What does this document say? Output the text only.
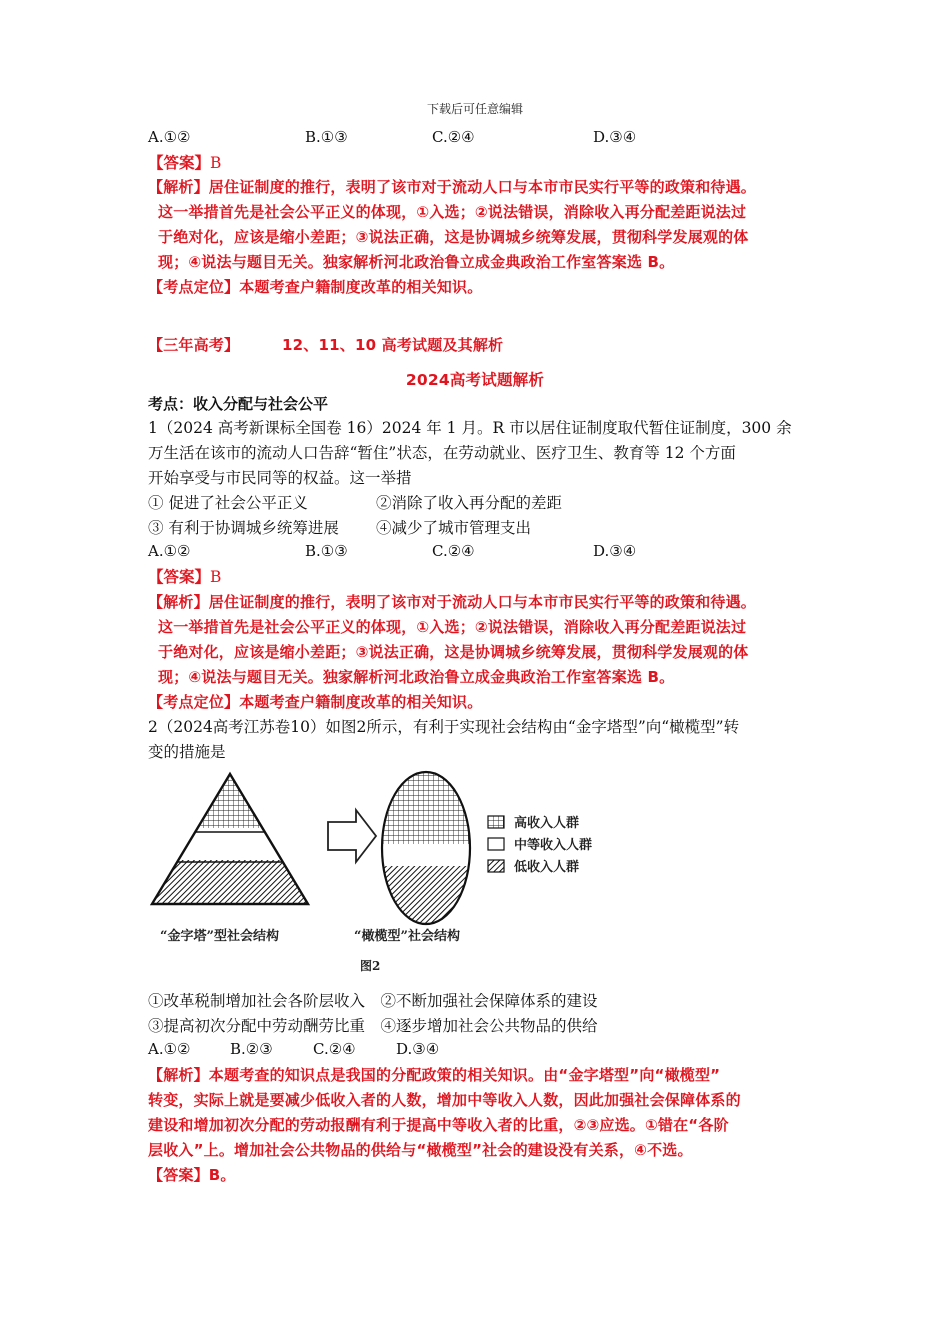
下载后可任意编辑
A.①②	B.①③	C.②④	D.③④
【答案】B
【解析】居住证制度的推行，表明了该市对于流动人口与本市市民实行平等的政策和待遇。
这一举措首先是社会公平正义的体现，①入选；②说法错误，消除收入再分配差距说法过
于绝对化，应该是缩小差距；③说法正确，这是协调城乡统筹发展，贯彻科学发展观的体
现；④说法与题目无关。独家解析河北政治鲁立成金典政治工作室答案选 B。
【考点定位】本题考查户籍制度改革的相关知识。
【三年高考】	12、11、10 高考试题及其解析
2024高考试题解析
考点：收入分配与社会公平
1（2024 高考新课标全国卷 16）2024 年 1 月。R 市以居住证制度取代暂住证制度，300 余
万生活在该市的流动人口告辞“暂住”状态，在劳动就业、医疗卫生、教育等 12 个方面
开始享受与市民同等的权益。这一举措
① 促进了社会公平正义	②消除了收入再分配的差距
③ 有利于协调城乡统筹进展 ④减少了城市管理支出
A.①②	B.①③	C.②④	D.③④
【答案】B
【解析】居住证制度的推行，表明了该市对于流动人口与本市市民实行平等的政策和待遇。
这一举措首先是社会公平正义的体现，①入选；②说法错误，消除收入再分配差距说法过
于绝对化，应该是缩小差距；③说法正确，这是协调城乡统筹发展，贯彻科学发展观的体
现；④说法与题目无关。独家解析河北政治鲁立成金典政治工作室答案选 B。
【考点定位】本题考查户籍制度改革的相关知识。
2（2024高考江苏卷10）如图2所示，有利于实现社会结构由“金字塔型”向“橄榄型”转
变的措施是
高收入人群
中等收入人群
低收入人群
“金字塔”型社会结构	“橄榄型”社会结构
图2
①改革税制增加社会各阶层收入　②不断加强社会保障体系的建设
③提高初次分配中劳动酬劳比重　④逐步增加社会公共物品的供给
A.①②	B.②③	C.②④	D.③④
【解析】本题考查的知识点是我国的分配政策的相关知识。由“金字塔型”向“橄榄型”
转变，实际上就是要减少低收入者的人数，增加中等收入人数，因此加强社会保障体系的
建设和增加初次分配的劳动报酬有利于提高中等收入者的比重，②③应选。①错在“各阶
层收入”上。增加社会公共物品的供给与“橄榄型”社会的建设没有关系，④不选。
【答案】B。
